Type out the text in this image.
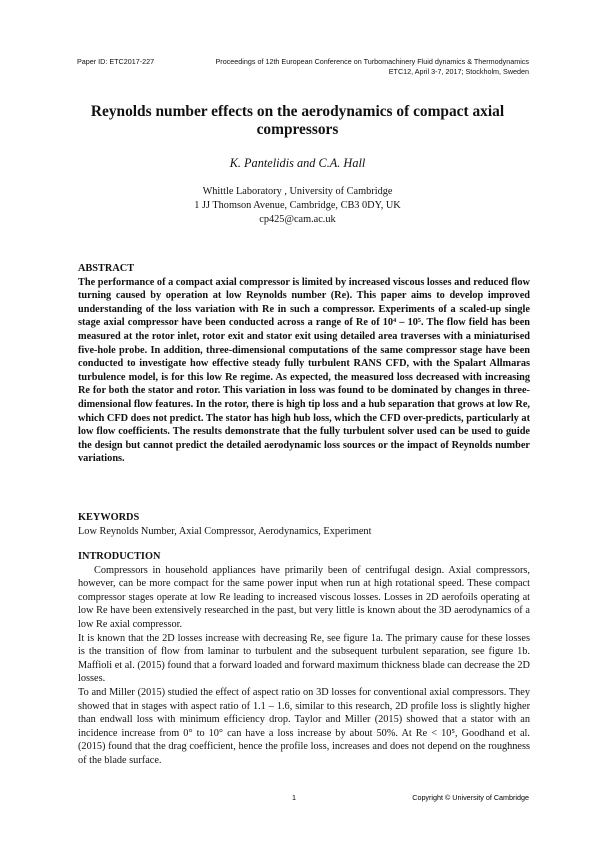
Paper ID: ETC2017-227	Proceedings of 12th European Conference on Turbomachinery Fluid dynamics & Thermodynamics
ETC12, April 3-7, 2017; Stockholm, Sweden
Reynolds number effects on the aerodynamics of compact axial compressors
K. Pantelidis and C.A. Hall
Whittle Laboratory , University of Cambridge
1 JJ Thomson Avenue, Cambridge, CB3 0DY, UK
cp425@cam.ac.uk
ABSTRACT

The performance of a compact axial compressor is limited by increased viscous losses and reduced flow turning caused by operation at low Reynolds number (Re). This paper aims to develop improved understanding of the loss variation with Re in such a compressor. Experiments of a scaled-up single stage axial compressor have been conducted across a range of Re of 10⁴ – 10⁵. The flow field has been measured at the rotor inlet, rotor exit and stator exit using detailed area traverses with a miniaturised five-hole probe. In addition, three-dimensional computations of the same compressor stage have been conducted to investigate how effective steady fully turbulent RANS CFD, with the Spalart Allmaras turbulence model, is for this low Re regime. As expected, the measured loss decreased with increasing Re for both the stator and rotor. This variation in loss was found to be dominated by changes in three-dimensional flow features. In the rotor, there is high tip loss and a hub separation that grows at low Re, which CFD does not predict. The stator has high hub loss, which the CFD over-predicts, particularly at low flow coefficients. The results demonstrate that the fully turbulent solver used can be used to guide the design but cannot predict the detailed aerodynamic loss sources or the impact of Reynolds number variations.

KEYWORDS

Low Reynolds Number, Axial Compressor, Aerodynamics, Experiment

INTRODUCTION

Compressors in household appliances have primarily been of centrifugal design. Axial compressors, however, can be more compact for the same power input when run at high rotational speed. These compact compressor stages operate at low Re leading to increased viscous losses. Losses in 2D aerofoils operating at low Re have been extensively researched in the past, but very little is known about the 3D aerodynamics of a low Re axial compressor.

It is known that the 2D losses increase with decreasing Re, see figure 1a. The primary cause for these losses is the transition of flow from laminar to turbulent and the subsequent turbulent separation, see figure 1b. Maffioli et al. (2015) found that a forward loaded and forward maximum thickness blade can decrease the 2D losses.

To and Miller (2015) studied the effect of aspect ratio on 3D losses for conventional axial compressors. They showed that in stages with aspect ratio of 1.1 – 1.6, similar to this research, 2D profile loss is slightly higher than endwall loss with minimum efficiency drop. Taylor and Miller (2015) showed that a stator with an incidence increase from 0° to 10° can have a loss increase by about 50%. At Re < 10⁵, Goodhand et al. (2015) found that the drag coefficient, hence the profile loss, increases and does not depend on the roughness of the blade surface.

1	Copyright © University of Cambridge
